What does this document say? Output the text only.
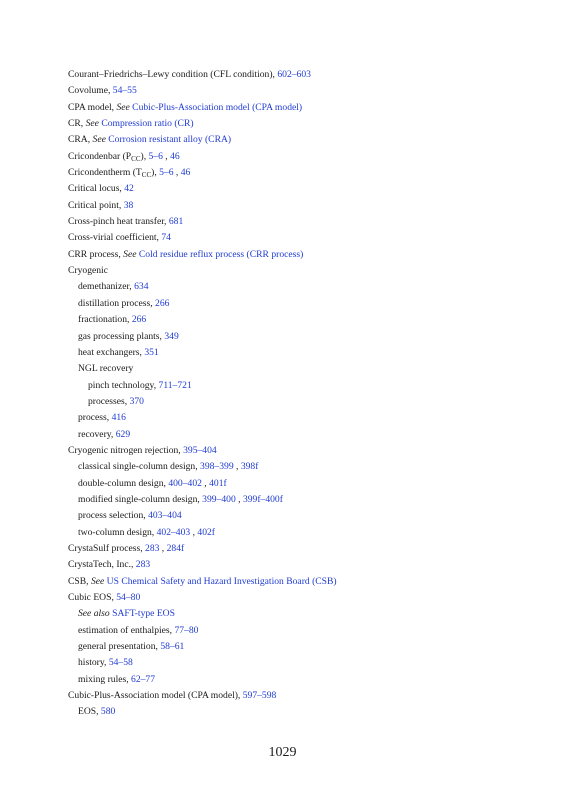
Courant–Friedrichs–Lewy condition (CFL condition), 602–603
Covolume, 54–55
CPA model, See Cubic-Plus-Association model (CPA model)
CR, See Compression ratio (CR)
CRA, See Corrosion resistant alloy (CRA)
Cricondenbar $(P_{CC})$, 5–6 , 46
Cricondentherm $(T_{CC})$, 5–6 , 46
Critical locus, 42
Critical point, 38
Cross-pinch heat transfer, 681
Cross-virial coefficient, 74
CRR process, See Cold residue reflux process (CRR process)
Cryogenic
demethanizer, 634
distillation process, 266
fractionation, 266
gas processing plants, 349
heat exchangers, 351
NGL recovery
pinch technology, 711–721
processes, 370
process, 416
recovery, 629
Cryogenic nitrogen rejection, 395–404
classical single-column design, 398–399 , 398f
double-column design, 400–402 , 401f
modified single-column design, 399–400 , 399f–400f
process selection, 403–404
two-column design, 402–403 , 402f
CrystaSulf process, 283 , 284f
CrystaTech, Inc., 283
CSB, See US Chemical Safety and Hazard Investigation Board (CSB)
Cubic EOS, 54–80
See also SAFT-type EOS
estimation of enthalpies, 77–80
general presentation, 58–61
history, 54–58
mixing rules, 62–77
Cubic-Plus-Association model (CPA model), 597–598
EOS, 580
1029
